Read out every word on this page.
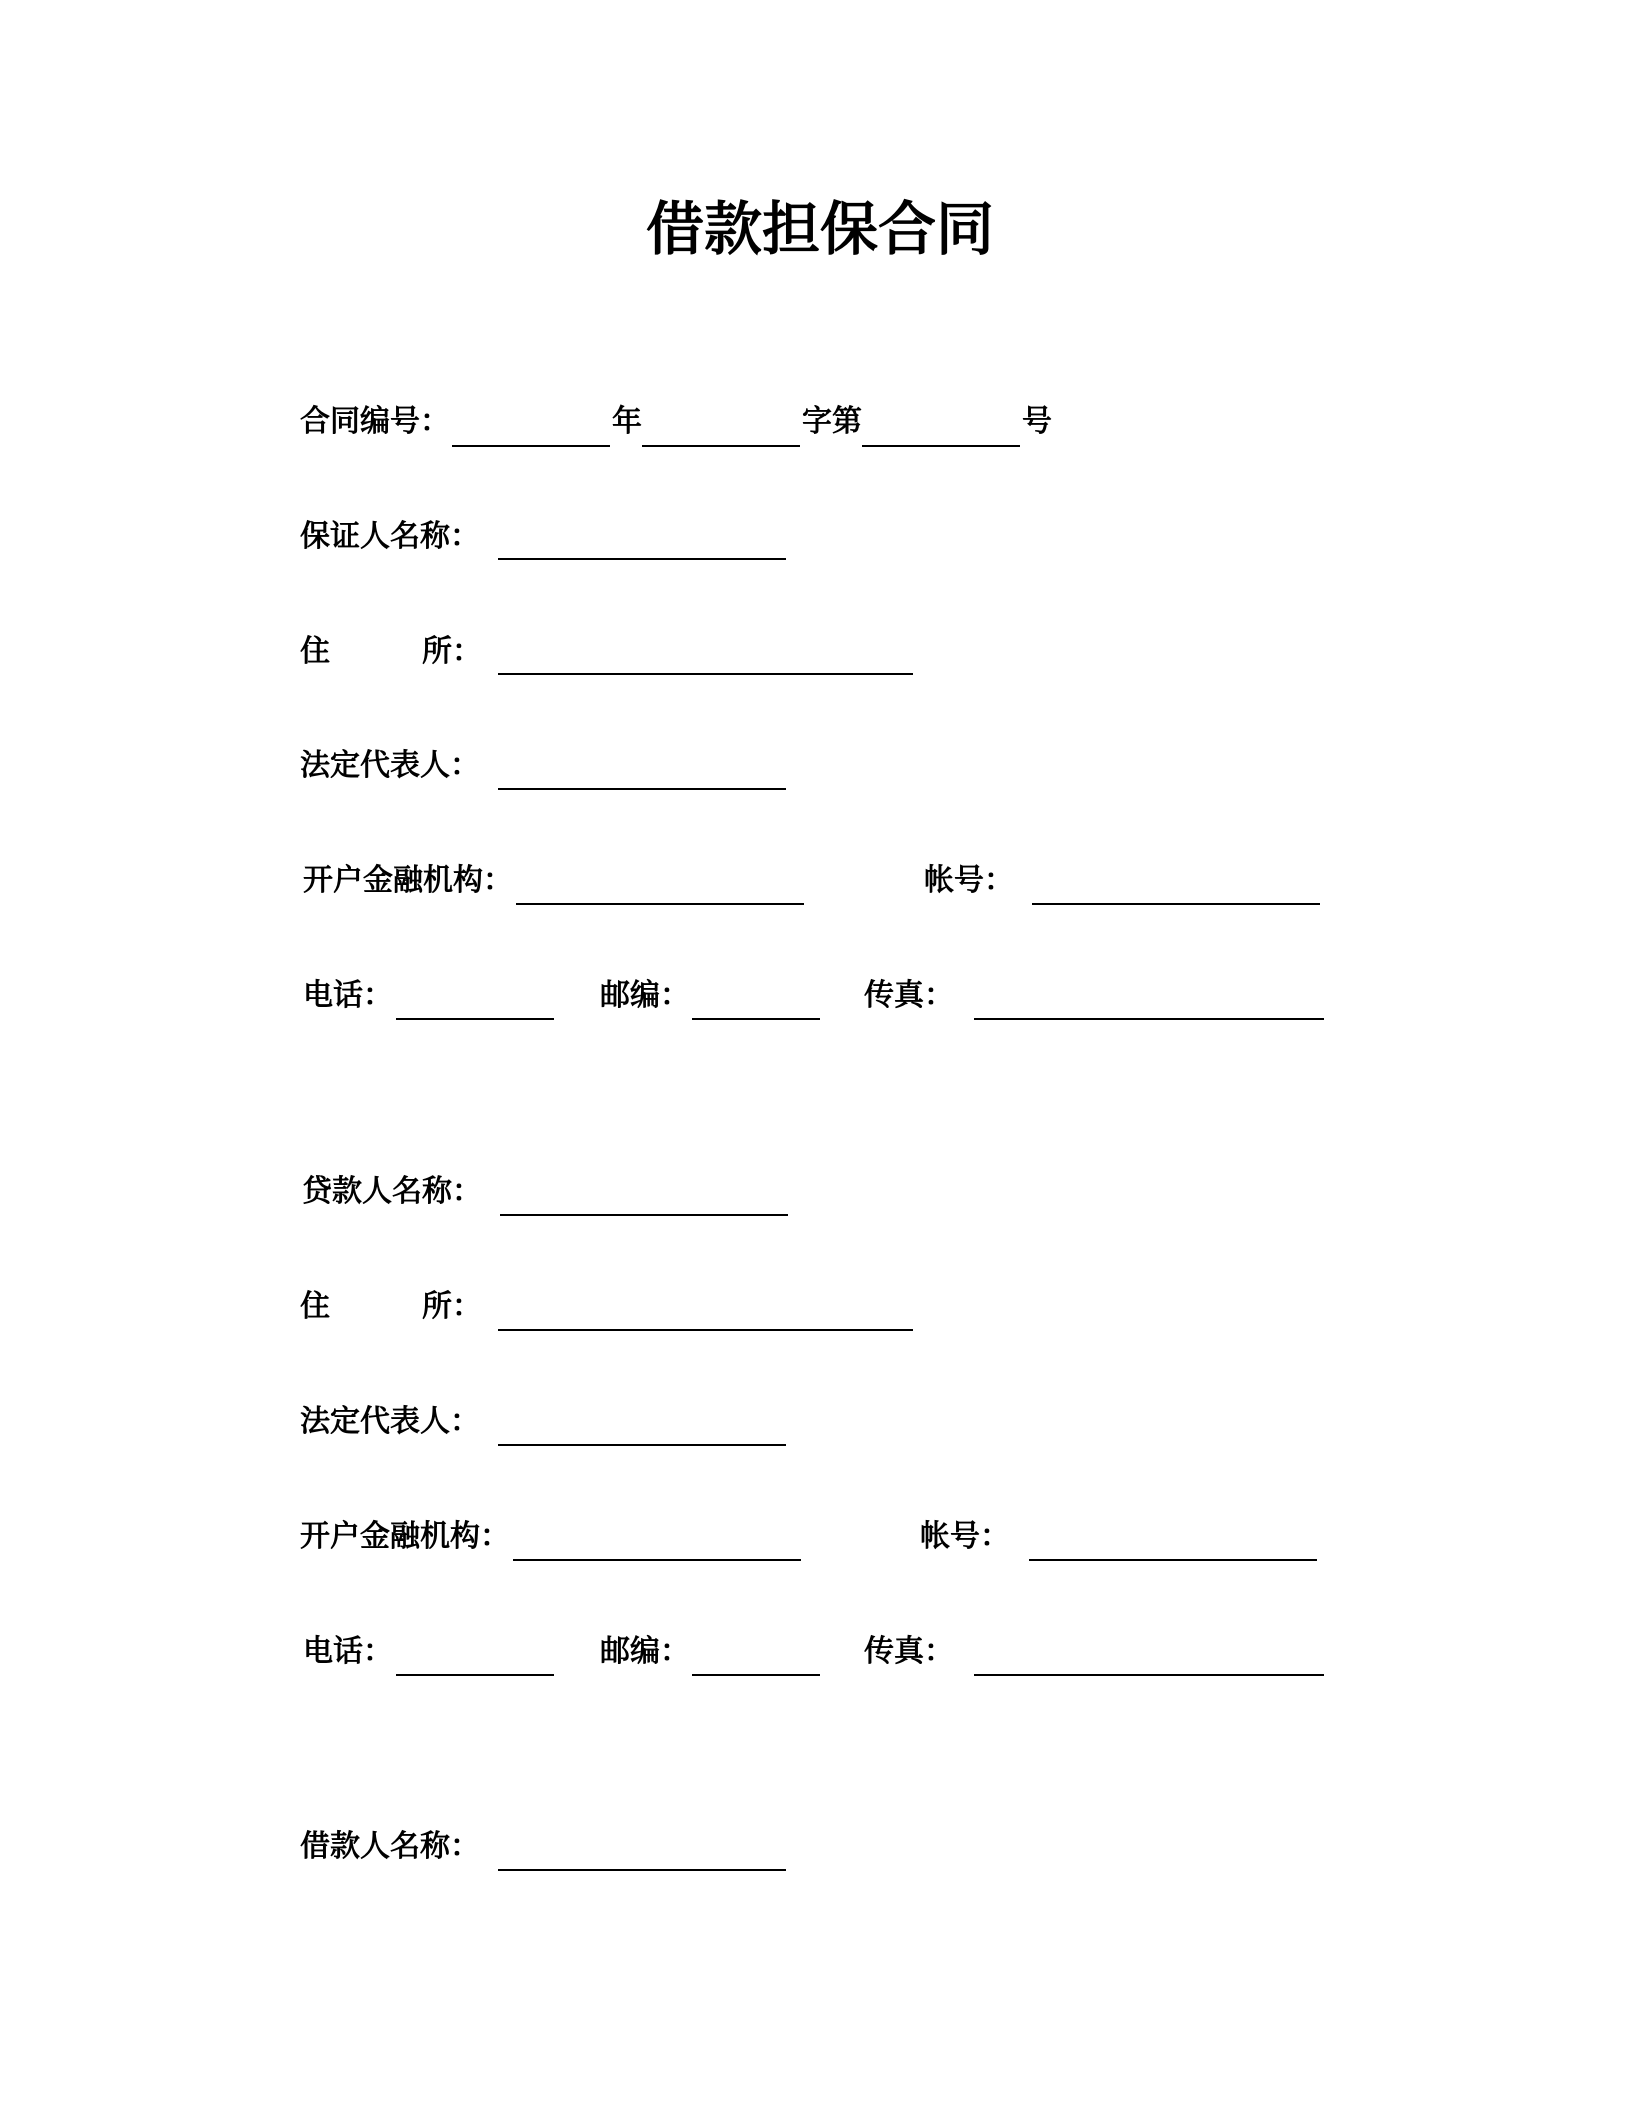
借款担保合同
合同编号：	年	字第	号
保证人名称：
住	所：
法定代表人：
开户金融机构：	帐号：
电话：	邮编：	传真：
贷款人名称：
住	所：
法定代表人：
开户金融机构：	帐号：
电话：	邮编：	传真：
借款人名称：
